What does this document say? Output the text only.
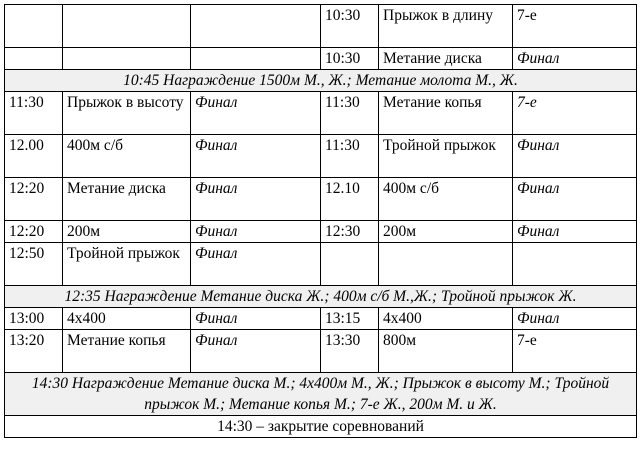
			10:30	Прыжок в длину	7-е
			10:30	Метание диска	Финал
10:45 Награждение 1500м М., Ж.; Метание молота М., Ж.					
11:30	Прыжок в высоту	Финал	11:30	Метание копья	7-е
12.00	400м с/б	Финал	11:30	Тройной прыжок	Финал
12:20	Метание диска	Финал	12.10	400м с/б	Финал
12:20	200м	Финал	12:30	200м	Финал
12:50	Тройной прыжок	Финал			
12:35 Награждение Метание диска Ж.; 400м с/б М.,Ж.; Тройной прыжок Ж.					
13:00	4х400	Финал	13:15	4х400	Финал
13:20	Метание копья	Финал	13:30	800м	7-е
14:30 Награждение Метание диска М.; 4х400м М., Ж.; Прыжок в высоту М.; Тройной прыжок М.; Метание копья М.; 7-е Ж., 200м М. и Ж.					
14:30 – закрытие соревнований					
